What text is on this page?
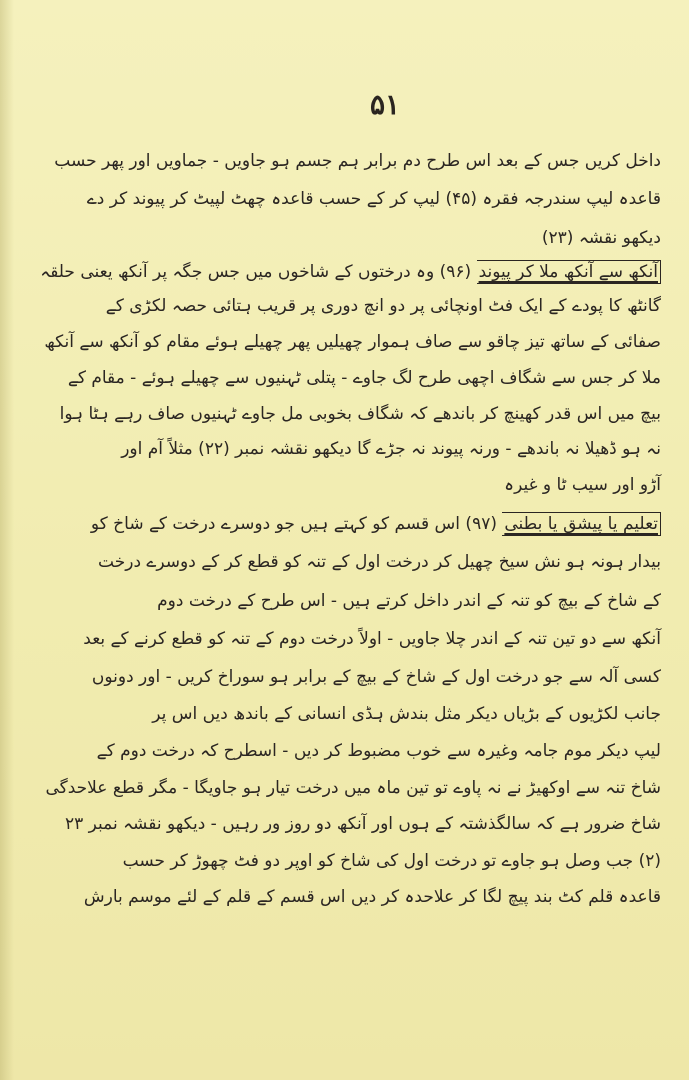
۵۱
داخل کریں جس کے بعد اس طرح دم برابر ہم جسم ہو جاویں - جماویں اور پھر حسب
قاعدہ لیپ سندرجہ فقرہ (۴۵) لیپ کر کے حسب قاعدہ چھٹ لپیٹ کر پیوند کر دے
دیکھو نقشہ (۲۳)
آنکھ سے آنکھ ملا کر پیوند (۹۶) وہ درختوں کے شاخوں میں جس جگہ پر آنکھ یعنی حلقہ
گانٹھ کا پودے کے ایک فٹ اونچائی پر دو انچ دوری پر قریب ہتائی حصہ لکڑی کے
صفائی کے ساتھ تیز چاقو سے صاف ہموار چھیلیں پھر چھیلے ہوئے مقام کو آنکھ سے آنکھ
ملا کر جس سے شگاف اچھی طرح لگ جاوے - پتلی ٹہنیوں سے چھیلے ہوئے - مقام کے
بیچ میں اس قدر کھینچ کر باندھے کہ شگاف بخوبی مل جاوے ٹہنیوں صاف رہے ہٹا ہوا
نہ ہو ڈھیلا نہ باندھے - ورنہ پیوند نہ جڑے گا دیکھو نقشہ نمبر (۲۲) مثلاً آم اور
آڑو اور سیب ٹا و غیرہ
تعلیم یا پیشق یا بطنی (۹۷) اس قسم کو کہتے ہیں جو دوسرے درخت کے شاخ کو
بیدار ہونہ ہو نش سیخ چھیل کر درخت اول کے تنہ کو قطع کر کے دوسرے درخت
کے شاخ کے بیچ کو تنہ کے اندر داخل کرتے ہیں - اس طرح کے درخت دوم
آنکھ سے دو تین تنہ کے اندر چلا جاویں - اولاً درخت دوم کے تنہ کو قطع کرنے کے بعد
کسی آلہ سے جو درخت اول کے شاخ کے بیچ کے برابر ہو سوراخ کریں - اور دونوں
جانب لکڑیوں کے بڑیاں دیکر مثل بندش ہڈی انسانی کے باندھ دیں اس پر
لیپ دیکر موم جامہ وغیرہ سے خوب مضبوط کر دیں - اسطرح کہ درخت دوم کے
شاخ تنہ سے اوکھیڑ نے نہ پاوے تو تین ماہ میں درخت تیار ہو جاویگا - مگر قطع علاحدگی
شاخ ضرور ہے کہ سالگذشتہ کے ہوں اور آنکھ دو روز ور رہیں - دیکھو نقشہ نمبر ۲۳
(۲) جب وصل ہو جاوے تو درخت اول کی شاخ کو اوپر دو فٹ چھوڑ کر حسب
قاعدہ قلم کٹ بند پیچ لگا کر علاحدہ کر دیں اس قسم کے قلم کے لئے موسم بارش
